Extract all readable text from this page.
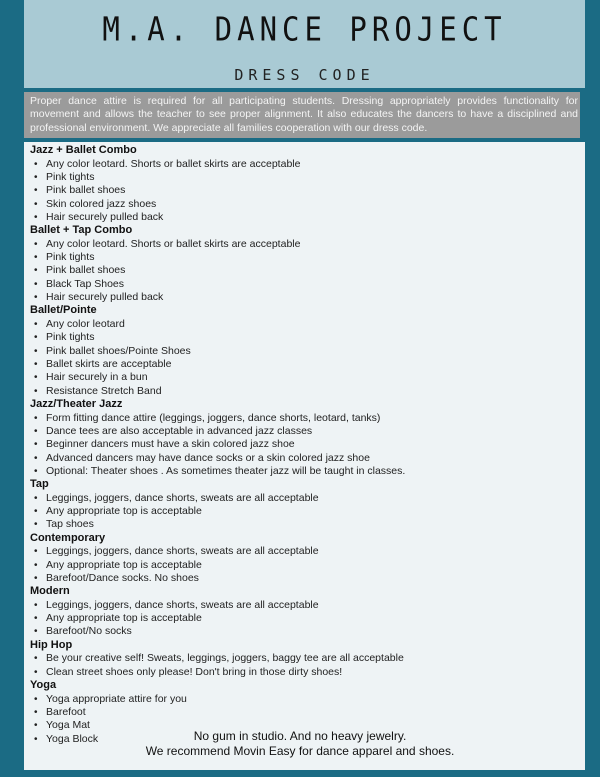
M.A. DANCE PROJECT
DRESS CODE
Proper dance attire is required for all participating students. Dressing appropriately provides functionality for movement and allows the teacher to see proper alignment. It also educates the dancers to have a disciplined and professional environment. We appreciate all families cooperation with our dress code.
Jazz + Ballet Combo
• Any color leotard. Shorts or ballet skirts are acceptable
• Pink tights
• Pink ballet shoes
• Skin colored jazz shoes
• Hair securely pulled back
Ballet + Tap Combo
• Any color leotard. Shorts or ballet skirts are acceptable
• Pink tights
• Pink ballet shoes
• Black Tap Shoes
• Hair securely pulled back
Ballet/Pointe
• Any color leotard
• Pink tights
• Pink ballet shoes/Pointe Shoes
• Ballet skirts are acceptable
• Hair securely in a bun
• Resistance Stretch Band
Jazz/Theater Jazz
• Form fitting dance attire (leggings, joggers, dance shorts, leotard, tanks)
• Dance tees are also acceptable in advanced jazz classes
• Beginner dancers must have a skin colored jazz shoe
• Advanced dancers may have dance socks or a skin colored jazz shoe
• Optional: Theater shoes . As sometimes theater jazz will be taught in classes.
Tap
• Leggings, joggers, dance shorts, sweats are all acceptable
• Any appropriate top is acceptable
• Tap shoes
Contemporary
• Leggings, joggers, dance shorts, sweats are all acceptable
• Any appropriate top is acceptable
• Barefoot/Dance socks. No shoes
Modern
• Leggings, joggers, dance shorts, sweats are all acceptable
• Any appropriate top is acceptable
• Barefoot/No socks
Hip Hop
• Be your creative self! Sweats, leggings, joggers, baggy tee are all acceptable
• Clean street shoes only please! Don't bring in those dirty shoes!
Yoga
• Yoga appropriate attire for you
• Barefoot
• Yoga Mat
• Yoga Block	No gum in studio. And no heavy jewelry.
We recommend Movin Easy for dance apparel and shoes.
